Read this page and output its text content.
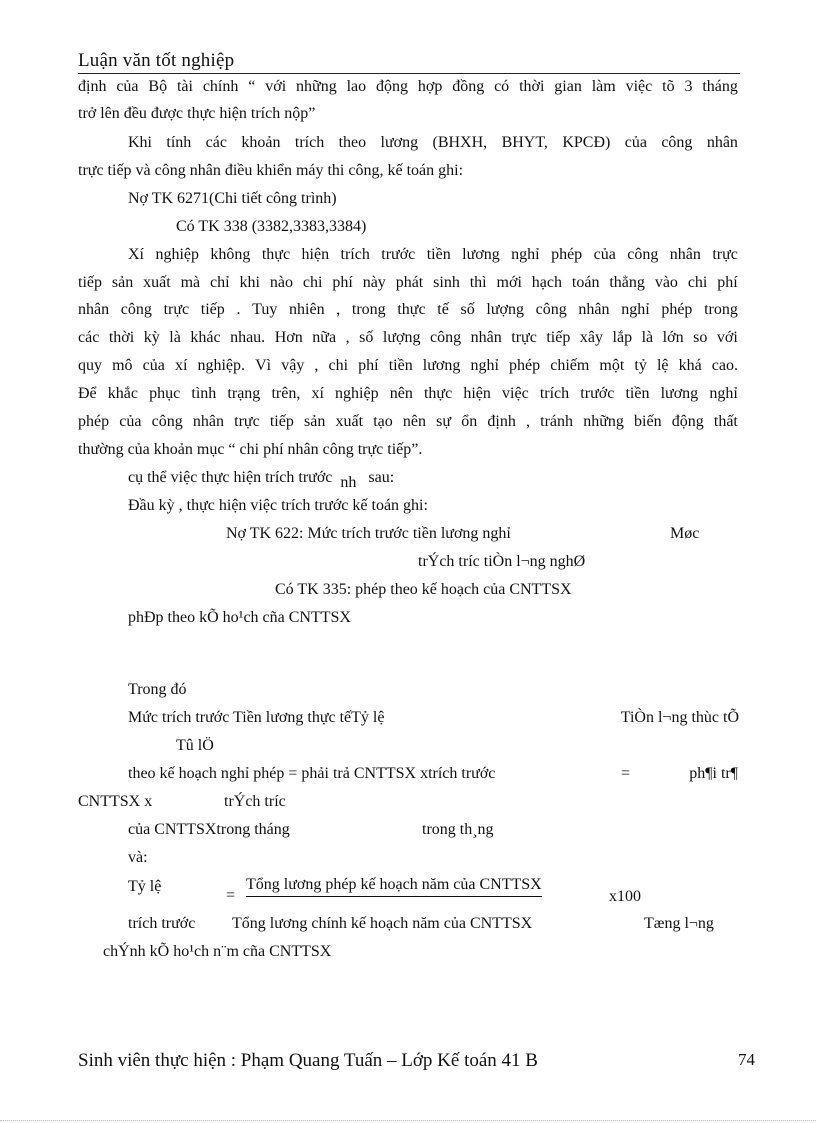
Luận văn tốt nghiệp
định của Bộ tài chính “ với những lao động hợp đồng có thời gian làm việc tõ 3 tháng
trở lên đều được thực hiện trích nộp”
Khi tính các khoản trích theo lương (BHXH, BHYT, KPCĐ) của công nhân
trực tiếp và công nhân điều khiển máy thi công, kế toán ghi:
Nợ TK 6271(Chi tiết công trình)
Có TK 338 (3382,3383,3384)
Xí nghiệp không thực hiện trích trước tiền lương nghỉ phép của công nhân trực
tiếp sản xuất mà chỉ khi nào chi phí này phát sinh thì mới hạch toán thẳng vào chi phí
nhân công trực tiếp . Tuy nhiên , trong thực tế số lượng công nhân nghỉ phép trong
các thời kỳ là khác nhau. Hơn nữa , số lượng công nhân trực tiếp xây lắp là lớn so với
quy mô của xí nghiệp. Vì vậy , chi phí tiền lương nghỉ phép chiếm một tỷ lệ khá cao.
Để khắc phục tình trạng trên, xí nghiệp nên thực hiện việc trích trước tiền lương nghỉ
phép của công nhân trực tiếp sản xuất tạo nên sự ổn định , tránh những biến động thất
thường của khoản mục “ chi phí nhân công trực tiếp”.
cụ thể việc thực hiện trích trước nh sau:
Đầu kỳ , thực hiện việc trích trước kế toán ghi:
Nợ TK 622: Mức trích trước tiền lương nghỉ	Møc
trÝch tríc tiÒn l¬ng nghØ
Có TK 335: phép theo kế hoạch của CNTTSX
phÐp theo kÕ ho¹ch cña CNTTSX
Trong đó
Mức trích trước Tiền lương thực tếTỷ lệ	TiÒn l¬ng thùc tÕ
Tû lÖ
theo kế hoạch nghỉ phép = phải trả CNTTSX xtrích trước	=	ph¶i tr¶
CNTTSX x	trÝch tríc
của CNTTSXtrong tháng	trong th¸ng
và:
Tỷ lệ
=
Tổng lương phép kế hoạch năm của CNTTSX
x100
trích trước Tổng lương chính kế hoạch năm của CNTTSX	Tæng l¬ng
chÝnh kÕ ho¹ch n¨m cña CNTTSX
Sinh viên thực hiện : Phạm Quang Tuấn – Lớp Kế toán 41 B	74
